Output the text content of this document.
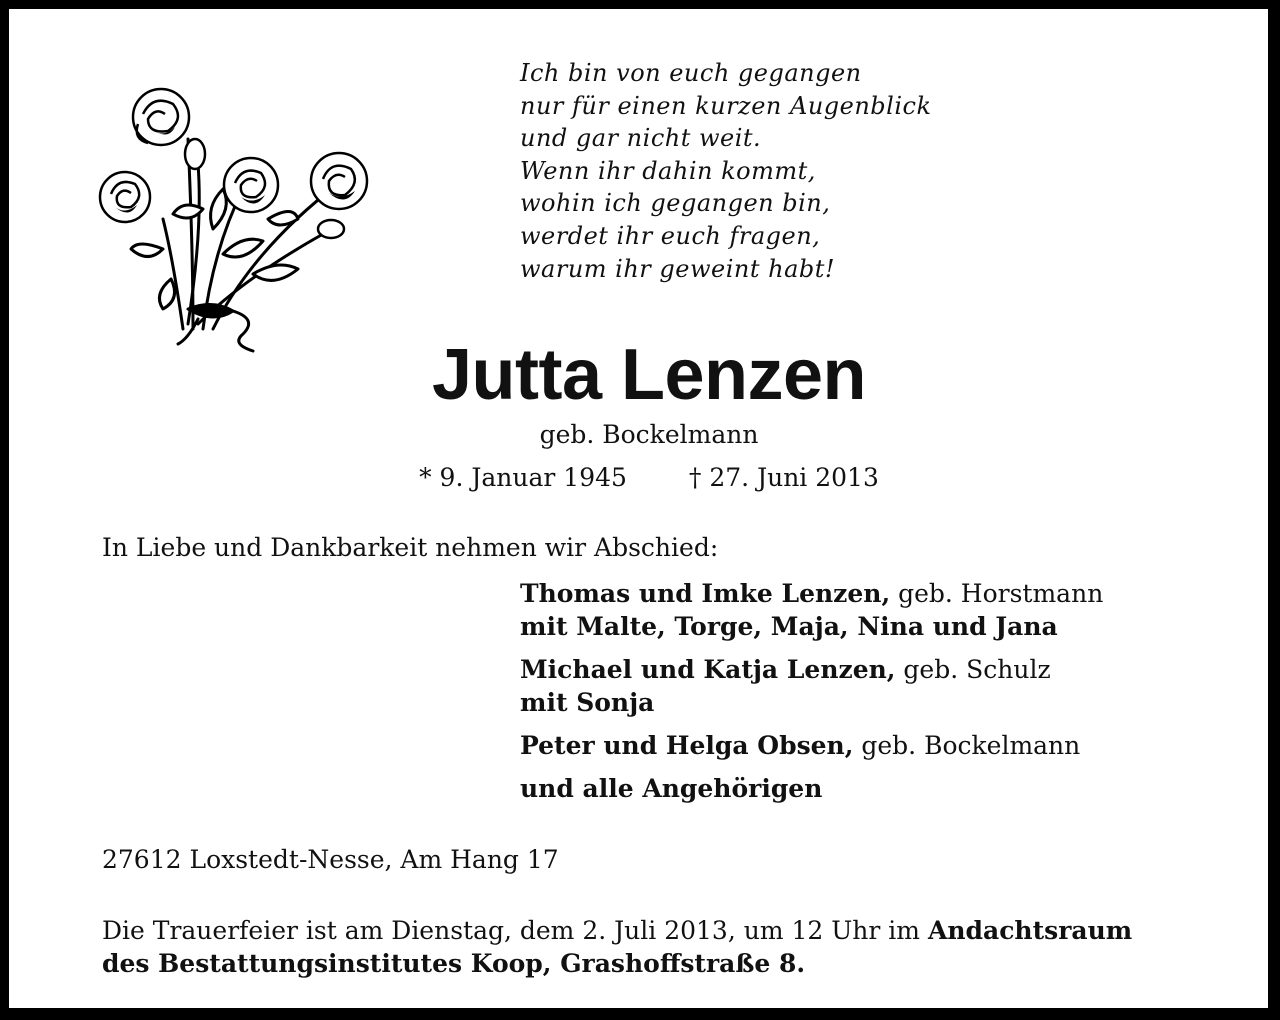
Ich bin von euch gegangen
nur für einen kurzen Augenblick
und gar nicht weit.
Wenn ihr dahin kommt,
wohin ich gegangen bin,
werdet ihr euch fragen,
warum ihr geweint habt!
Jutta Lenzen
geb. Bockelmann
* 9. Januar 1945 † 27. Juni 2013
In Liebe und Dankbarkeit nehmen wir Abschied:
Thomas und Imke Lenzen, geb. Horstmann
mit Malte, Torge, Maja, Nina und Jana
Michael und Katja Lenzen, geb. Schulz
mit Sonja
Peter und Helga Obsen, geb. Bockelmann
und alle Angehörigen
27612 Loxstedt-Nesse, Am Hang 17
Die Trauerfeier ist am Dienstag, dem 2. Juli 2013, um 12 Uhr im Andachtsraum
des Bestattungsinstitutes Koop, Grashoffstraße 8.
